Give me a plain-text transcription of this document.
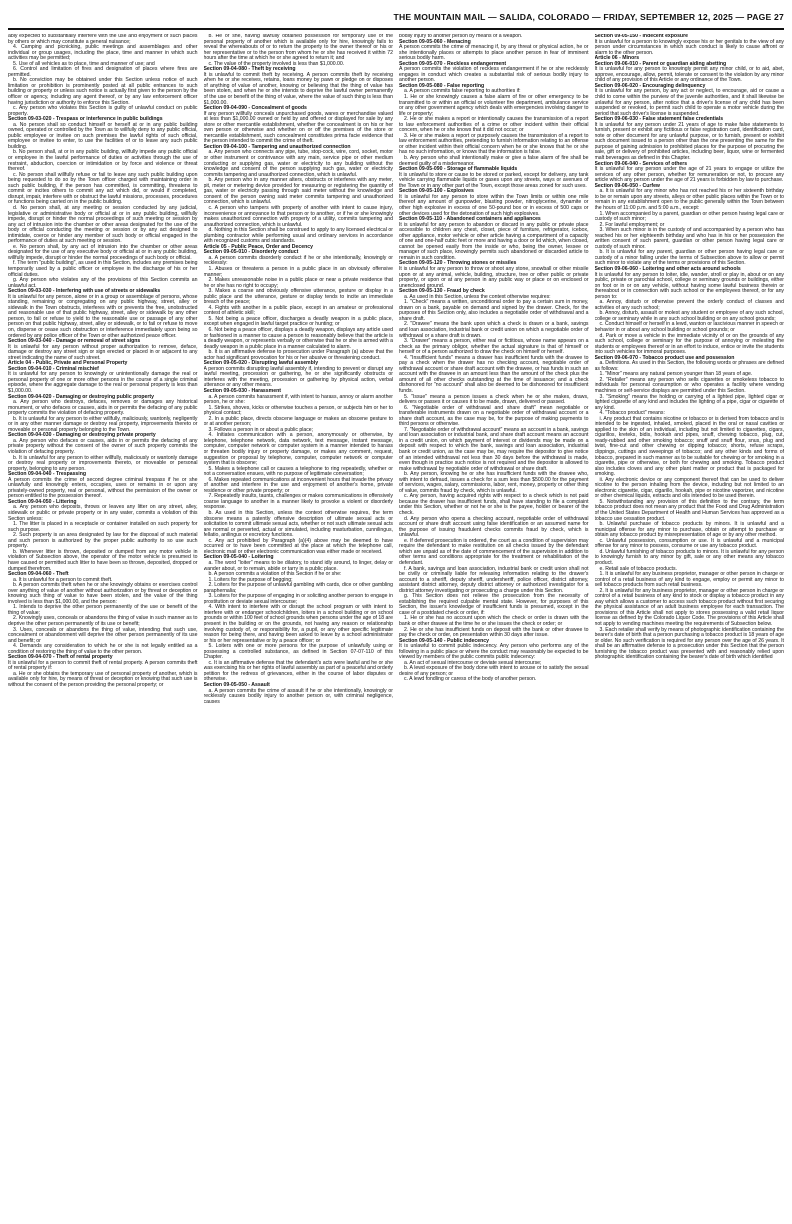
THE MOUNTAIN MAIL — SALIDA, COLORADO — FRIDAY, SEPTEMBER 12, 2025 — PAGE 27

ably expected to substantially interfere with the use and enjoyment of such places by others or which may constitute a general nuisance;

4. Camping and picnicking, public meetings and assemblages and other individual or group usages, including the place, time and manner in which such activities may be permitted;

5. Use of all vehicles as to place, time and manner of use; and

6. Control and limitation of fires and designation of places where fires are permitted.

b. No conviction may be obtained under this Section unless notice of such limitation or prohibition is prominently posted at all public entrances to such building or property or unless such notice is actually first given to the person by the officer or agency, including any agent thereof, or by any law enforcement officer having jurisdiction or authority to enforce this Section.

c. Any person who violates this Section is guilty of unlawful conduct on public property.

Section 09-03-020 - Trespass or interference in public buildings

a. No person shall so conduct himself or herself at or in any public building owned, operated or controlled by the Town as to willfully deny to any public official, public employee or invitee on such premises the lawful rights of such official, employee or invitee to enter, to use the facilities of or to leave any such public building.

b. No person shall, at or in any public building, willfully impede any public official or employee in the lawful performance of duties or activities through the use of restraint, abduction, coercion or intimidation or by force and violence or threat thereof.

c. No person shall willfully refuse or fail to leave any such public building upon being requested to do so by the Town officer charged with maintaining order in such public building, if the person has committed, is committing, threatens to commit or incites others to commit any act which did, or would if completed, disrupt, impair, interfere with or obstruct the lawful missions, processes, procedures or functions being carried on in the public building.

d. No person shall, at any meeting or session conducted by any judicial, legislative or administrative body or official at or in any public building, willfully impede, disrupt or hinder the normal proceedings of such meeting or session by any act of intrusion into the chamber or other areas designated for the use of the body or official conducting the meeting or session or by any act designed to intimidate, coerce or hinder any member of such body or official engaged in the performance of duties at such meeting or session.

e. No person shall, by any act of intrusion into the chamber or other areas designated for the use of any executive body or official at or in any public building, willfully impede, disrupt or hinder the normal proceedings of such body or official.

f. The term "public building", as used in this Section, includes any premises being temporarily used by a public officer or employee in the discharge of his or her official duties.

g. Any person who violates any of the provisions of this Section commits an unlawful act.

Section 09-03-030 - Interfering with use of streets or sidewalks

It is unlawful for any person, alone or in a group or assemblage of persons, whose standing, remaining or congregating on any public highway, street, alley or sidewalk in the Town obstructs, interferes with or prevents the free, unobstructed and reasonable use of that public highway, street, alley or sidewalk by any other person, to fail or refuse to yield to the reasonable use or passage of any other person on that public highway, street, alley or sidewalk, or to fail or refuse to move on, disperse or cease such obstruction or interference immediately upon being so ordered by any police officer of the Town or other authorized peace officer.

Section 09-03-040 - Damage or removal of street signs

It is unlawful for any person without proper authorization to remove, deface, damage or destroy any street sign or sign erected or placed in or adjacent to any street indicating the name of such street.

Article 04 - Public, Private and Personal Property

Section 09-04-010 - Criminal mischief

It is unlawful for any person to knowingly or unintentionally damage the real or personal property of one or more other persons in the course of a single criminal episode, where the aggregate damage to the real or personal property is less than $1,000.00.

Section 09-04-020 - Damaging or destroying public property

a. Any person who destroys, defaces, removes or damages any historical monument, or who defaces or causes, aids in or permits the defacing of any public property commits the violation of defacing property.

b. It is unlawful for any person to either willfully, maliciously, wantonly, negligently or in any other manner damage or destroy real property, improvements thereto or moveable or personal property belonging to the Town.

Section 09-04-030 - Damaging or destroying private property

a. Any person who defaces or causes, aids in or permits the defacing of any private property without the consent of the owner of such property commits the violation of defacing property.

b. It is unlawful for any person to either willfully, maliciously or wantonly damage or destroy real property or improvements thereto, or moveable or personal property, belonging to any person.

Section 09-04-040 - Trespassing

A person commits the crime of second degree criminal trespass if he or she unlawfully and knowingly enters, occupies, uses or remains in or upon any privately-owned property, real or personal, without the permission of the owner or person entitled to the possession thereof.

Section 09-04-050 - Littering

a. Any person who deposits, throws or leaves any litter on any street, alley, sidewalk or public or private property or in any water, commits a violation of this Section unless:

1. The litter is placed in a receptacle or container installed on such property for such purpose.

2. Such property is an area designated by law for the disposal of such material and such person is authorized by the proper public authority to so use such property.

b. Whenever litter is thrown, deposited or dumped from any motor vehicle in violation of Subsection above, the operator of the motor vehicle is presumed to have caused or permitted such litter to have been so thrown, deposited, dropped or dumped therefrom.

Section 09-04-060 - Theft

a. It is unlawful for a person to commit theft.

b. A person commits theft when he or she knowingly obtains or exercises control over anything of value of another without authorization or by threat or deception or knowing such thing of value to have been stolen, and the value of the thing involved is less than $1,000.00, and the person:

1. Intends to deprive the other person permanently of the use or benefit of the thing of value;

2. Knowingly uses, conceals or abandons the thing of value in such manner as to deprive the other person permanently of its use or benefit;

3. Uses, conceals or abandons the thing of value, intending that such use, concealment or abandonment will deprive the other person permanently of its use and benefit; or

4. Demands any consideration to which he or she is not legally entitled as a condition of restoring the thing of value to the other person.

Section 09-04-070 - Theft of rental property

It is unlawful for a person to commit theft of rental property. A person commits theft of rental property if:

a. He or she obtains the temporary use of personal property of another, which is available only for hire, by means of threat or deception or knowing that such use is without the consent of the person providing the personal property; or

b. He or she, having lawfully obtained possession for temporary use of the personal property of another which is available only for hire, knowingly fails to reveal the whereabouts of or to return the property to the owner thereof or his or her representative or to the person from whom he or she has received it within 72 hours after the time at which he or she agreed to return it; and

c. The value of the property involved is less than $1,000.00.

Section 09-04-080 - Theft by receiving

It is unlawful to commit theft by receiving. A person commits theft by receiving when he or she receives, retains, loans money by pawn or pledge on or disposes of anything of value of another, knowing or believing that the thing of value has been stolen, and when he or she intends to deprive the lawful owner permanently of the use or benefit of the thing of value, where the value of such thing is less than $1,000.00.

Section 09-04-090 - Concealment of goods

If any person willfully conceals unpurchased goods, wares or merchandise valued at less than $1,000.00 owned or held by and offered or displayed for sale by any store or other mercantile establishment, whether the concealment is on his or her own person or otherwise and whether on or off the premises of the store or mercantile establishment, such concealment constitutes prima facie evidence that the person intended to commit the crime of theft.

Section 09-04-100 - Tampering and unauthorized connection

a. Any person who connects any pipe, tube, stop-cock, wire, cord, socket, motor or other instrument or contrivance with any main, service pipe or other medium conducting or supplying gas, water or electricity to any building without the knowledge and consent of the person supplying such gas, water or electricity commits tampering and unauthorized connection, which is unlawful.

b. Any person who in any manner alters, obstructs or interferes with any meter, pit, meter or metering device provided for measuring or registering the quantity of gas, water or electricity passing through said meter without the knowledge and consent of the person owning said meter commits tampering and unauthorized connection, which is unlawful.

c. A person who tampers with property of another with intent to cause injury, inconvenience or annoyance to that person or to another, or if he or she knowingly makes unauthorized connection with property of a utility, commits tampering and unauthorized connection, which is unlawful.

d. Nothing in this Section shall be construed to apply to any licensed electrical or plumbing contractor while performing usual and ordinary services in accordance with recognized customs and standards.

Article 05 - Public Peace, Order and Decency

Section 09-05-010 - Disorderly conduct

a. A person commits disorderly conduct if he or she intentionally, knowingly or recklessly:

1. Abuses or threatens a person in a public place in an obviously offensive manner;

2. Makes unreasonable noise in a public place or near a private residence that he or she has no right to occupy;

3. Makes a coarse and obviously offensive utterance, gesture or display in a public place and the utterance, gesture or display tends to incite an immediate breach of the peace;

4. Fights with another in a public place, except in an amateur or professional contest of athletic skill;

5. Not being a peace officer, discharges a deadly weapon in a public place, except when engaged in lawful target practice or hunting; or

6. Not being a peace officer, displays a deadly weapon, displays any article used or fashioned in a manner to cause a person to reasonably believe that the article is a deadly weapon, or represents verbally or otherwise that he or she is armed with a deadly weapon in a public place in a manner calculated to alarm.

b. It is an affirmative defense to prosecution under Paragraph (a) above that the actor had significant provocation for his or her abusive or threatening conduct.

Section 09-05-020 - Disrupting lawful assembly

A person commits disrupting lawful assembly if, intending to prevent or disrupt any lawful meeting, procession or gathering, he or she significantly obstructs or interferes with the meeting, procession or gathering by physical action, verbal utterance or any other means.

Section 09-05-030 - Harassment

a. A person commits harassment if, with intent to harass, annoy or alarm another person, he or she:

1. Strikes, shoves, kicks or otherwise touches a person, or subjects him or her to physical contact;

2. In a public place, directs obscene language or makes an obscene gesture to or at another person;

3. Follows a person in or about a public place;

4. Initiates communication with a person, anonymously or otherwise, by telephone, telephone network, data network, text message, instant message, computer, computer network or computer system in a manner intended to harass or threaten bodily injury or property damage, or makes any comment, request, suggestion or proposal by telephone, computer, computer network or computer system that is obscene;

5. Makes a telephone call or causes a telephone to ring repeatedly, whether or not a conversation ensues, with no purpose of legitimate conversation;

6. Makes repeated communications at inconvenient hours that invade the privacy of another and interfere in the use and enjoyment of another's home, private residence or other private property; or

7. Repeatedly insults, taunts, challenges or makes communications in offensively coarse language to another in a manner likely to provoke a violent or disorderly response.

b. As used in this Section, unless the context otherwise requires, the term obscene means a patently offensive description of ultimate sexual acts or solicitation to commit ultimate sexual acts, whether or not such ultimate sexual acts are normal or perverted, actual or simulated, including masturbation, cunnilingus, fellatio, anilingus or excretory functions.

c. Any act prohibited by Paragraph (a)(4) above may be deemed to have occurred or to have been committed at the place at which the telephone call, electronic mail or other electronic communication was either made or received.

Section 09-05-040 - Loitering

a. The word "loiter" means to be dilatory, to stand idly around, to linger, delay or wander about, or to remain, abide or tarry in a public place.

b. A person commits a violation of this Section if he or she:

1. Loiters for the purpose of begging;

2. Loiters for the purpose of unlawful gambling with cards, dice or other gambling paraphernalia;

3. Loiters for the purpose of engaging in or soliciting another person to engage in prostitution or deviate sexual intercourse;

4. With intent to interfere with or disrupt the school program or with intent to interfere with or endanger schoolchildren, loiters in a school building or on school grounds or within 100 feet of school grounds when persons under the age of 18 are present in the building or on the grounds, not having any reason or relationship involving custody of, or responsibility for, a pupil, or any other specific legitimate reason for being there, and having been asked to leave by a school administrator or his or her representative or by a peace officer; or

5. Loiters with one or more persons for the purpose of unlawfully using or possessing a controlled substance, as defined in Section 07-07-110 of this Chapter.

c. It is an affirmative defense that the defendant's acts were lawful and he or she was exercising his or her rights of lawful assembly as part of a peaceful and orderly petition for the redress of grievances, either in the course of labor disputes or otherwise.

Section 09-05-050 - Assault

a. A person commits the crime of assault if he or she intentionally, knowingly or recklessly causes bodily injury to another person or, with criminal negligence, causes

bodily injury to another person by means of a weapon.

Section 09-05-060 - Menacing

A person commits the crime of menacing if, by any threat or physical action, he or she intentionally places or attempts to place another person in fear of imminent serious bodily harm.

Section 09-05-070 - Reckless endangerment

A person commits the violation of reckless endangerment if he or she recklessly engages in conduct which creates a substantial risk of serious bodily injury to another person.

Section 09-05-080 - False reporting

a. A person commits false reporting to authorities if:

1. He or she knowingly causes a false alarm of fire or other emergency to be transmitted to or within an official or volunteer fire department, ambulance service or any other government agency which deals with emergencies involving danger to life or property;

2. He or she makes a report or intentionally causes the transmission of a report to law enforcement authorities of a crime or other incident within their official concern, when he or she knows that it did not occur; or

3. He or she makes a report or purposely causes the transmission of a report to law enforcement authorities, pretending to furnish information relating to an offense or other incident within their official concern when he or she knows that he or she has no such information, or knows that the information is false.

b. Any person who shall intentionally make or give a false alarm of fire shall be deemed guilty of a misdemeanor.

Section 09-05-090 - Storage of flammable liquids

It is unlawful to store or cause to be stored or parked, except for delivery, any tank vehicle carrying flammable liquids or gases upon any streets, ways or avenues of the Town or in any other part of the Town, except those areas zoned for such uses.

Section 09-05-100 - Explosives

It is unlawful for any person to store within the Town limits or within one mile thereof any amount of gunpowder, blasting powder, nitroglycerine, dynamite or other high explosive in excess of one 50-pound box or in excess of 500 caps or other devices used for the detonation of such high explosives.

Section 09-05-110 - Abandoned containers and appliances

It is unlawful for any person to abandon or discard in any public or private place accessible to children any chest, closet, piece of furniture, refrigerator, icebox, other appliance, motor vehicle or other article having a compartment of a capacity of one and one-half cubic feet or more and having a door or lid which, when closed, cannot be opened easily from the inside or who, being the owner, lessee or manager of such place, knowingly permits such abandoned or discarded article to remain in such condition.

Section 09-05-120 - Throwing stones or missiles

It is unlawful for any person to throw or shoot any stone, snowball or other missile upon or at any animal, vehicle, building, structure, tree or other public or private property, or upon or at any person in any public way or place or on enclosed or unenclosed ground.

Section 09-05-130 - Fraud by check

a. As used in this Section, unless the context otherwise requires:

1. "Check" means a written, unconditional order to pay a certain sum in money, drawn on a bank, payable on demand and signed by the drawer. Check, for the purposes of this Section only, also includes a negotiable order of withdrawal and a share draft.

2. "Drawee" means the bank upon which a check is drawn or a bank, savings and loan association, industrial bank or credit union on which a negotiable order of withdrawal or a share draft is drawn.

3. "Drawer" means a person, either real or fictitious, whose name appears on a check as the primary obligor, whether the actual signature is that of himself or herself or of a person authorized to draw the check on himself or herself.

4. "Insufficient funds" means a drawer has insufficient funds with the drawee to pay a check when the drawer has no checking account, negotiable order of withdrawal account or share draft account with the drawee, or has funds in such an account with the drawee in an amount less than the amount of the check plus the amount of all other checks outstanding at the time of issuance; and a check dishonored for "no account" shall also be deemed to be dishonored for insufficient funds.

5. "Issue" means a person issues a check when he or she makes, draws, delivers or passes it or causes it to be made, drawn, delivered or passed.

6. "Negotiable order of withdrawal and share draft" mean negotiable or transferable instruments drawn on a negotiable order of withdrawal account or a share draft account, as the case may be, for the purpose of making payments to third persons or otherwise.

7. "Negotiable order of withdrawal account" means an account in a bank, savings and loan association or industrial bank, and share draft account means an account in a credit union, on which payment of interest or dividends may be made on a deposit with respect to which the bank, savings and loan association, industrial bank or credit union, as the case may be, may require the depositor to give notice of an intended withdrawal not less than 30 days before the withdrawal is made, even though in practice such notice is not required and the depositor is allowed to make withdrawal by negotiable order of withdrawal or share draft.

b. Any person, knowing he or she has insufficient funds with the drawee who, with intent to defraud, issues a check for a sum less than $500.00 for the payment of services, wages, salary, commissions, labor, rent, money, property or other thing of value, commits fraud by check, which is unlawful.

c. Any person, having acquired rights with respect to a check which is not paid because the drawer has insufficient funds, shall have standing to file a complaint under this Section, whether or not he or she is the payee, holder or bearer of the check.

d. Any person who opens a checking account, negotiable order of withdrawal account or share draft account using false identification or an assumed name for the purpose of issuing fraudulent checks commits fraud by check, which is unlawful.

e. If deferred prosecution is ordered, the court as a condition of supervision may require the defendant to make restitution on all checks issued by the defendant which are unpaid as of the date of commencement of the supervision in addition to other terms and conditions appropriate for the treatment or rehabilitation of the defendant.

f. A bank, savings and loan association, industrial bank or credit union shall not be civilly or criminally liable for releasing information relating to the drawer's account to a sheriff, deputy sheriff, undersheriff, police officer, district attorney, assistant district attorney, deputy district attorney or authorized investigator for a district attorney investigating or prosecuting a charge under this Section.

g. This Section does not relieve the prosecution from the necessity of establishing the required culpable mental state. However, for purposes of this Section, the issuer's knowledge of insufficient funds is presumed, except in the case of a postdated check or order, if:

1. He or she has no account upon which the check or order is drawn with the bank or other drawee at the time he or she issues the check or order; or

2. He or she has insufficient funds on deposit with the bank or other drawee to pay the check or order, on presentation within 30 days after issue.

Section 09-05-140 - Public indecency

It is unlawful to commit public indecency. Any person who performs any of the following in a public place or where the conduct may reasonably be expected to be viewed by members of the public commits public indecency:

a. An act of sexual intercourse or deviate sexual intercourse;

b. A lewd exposure of the body done with intent to arouse or to satisfy the sexual desire of any person; or

c. A lewd fondling or caress of the body of another person.

Section 09-05-150 - Indecent exposure

It is unlawful for a person to knowingly expose his or her genitals to the view of any person under circumstances in which such conduct is likely to cause affront or alarm to the other person.

Article 06 - Minors

Section 09-06-010 - Parent or guardian aiding abetting

It is unlawful for any person to knowingly permit any minor child, or to aid, abet, approve, encourage, allow, permit, tolerate or consent to the violation by any minor child of any provision of this Article or any ordinance of the Town.

Section 09-06-020 - Encouraging delinquency

It is unlawful for any person, by any act or neglect, to encourage, aid or cause a child to come within the purview of the juvenile authorities, and it shall likewise be unlawful for any person, after notice that a driver's license of any child has been suspended or revoked, to permit such child to operate a motor vehicle during the period that such driver's license is suspended.

Section 09-06-030 - False statement false credentials

It is unlawful for any person under 21 years of age to make false statements to furnish, present or exhibit any fictitious or false registration card, identification card, note or other document for any unlawful purpose, or to furnish, present or exhibit such document issued to a person other than the one presenting the same for the purpose of gaining admission to prohibited places for the purpose of procuring the sale, gift or delivery of prohibited articles, including beer, liquor, wine or fermented malt beverages as defined in this Chapter.

Section 09-06-040 - Services of others

It is unlawful for any person under the age of 21 years to engage or utilize the services of any other person, whether for remuneration or not, to procure any article which any person under the age of 21 years is forbidden by law to purchase.

Section 09-06-050 - Curfew

a. It is unlawful for any minor who has not reached his or her sixteenth birthday to be or remain upon any streets, alleys or other public places within the Town or to remain in any establishment open to the public generally within the Town between the hours of 11:00 p.m. and 5:00 a.m., except:

1. When accompanied by a parent, guardian or other person having legal care or custody of such minor;

2. For lawful employment; or

3. When such minor is in the custody of and accompanied by a person who has reached his or her eighteenth birthday and who has in his or her possession the written consent of such parent, guardian or other person having legal care or custody of such minor.

b. It is unlawful for any parent, guardian or other person having legal care or custody of a minor falling under the terms of Subsection above to allow or permit such minor to violate any of the terms or provisions of this Section.

Section 09-06-060 - Loitering and other acts around schools

It is unlawful for any person to loiter, idle, wander, stroll or play in, about or on any public, private or parochial school, college or seminary grounds or buildings, either on foot or in or on any vehicle, without having some lawful business therein or thereabout or in connection with such school or the employees thereof, or for any person to:

a. Annoy, disturb or otherwise prevent the orderly conduct of classes and activities of any such school;

b. Annoy, disturb, assault or molest any student or employee of any such school, college or seminary while in any such school building or on any school grounds;

c. Conduct himself or herself in a lewd, wanton or lascivious manner in speech or behavior in or about any school building or school grounds; or

d. Park or move a vehicle in the immediate vicinity of or on the grounds of any such school, college or seminary for the purpose of annoying or molesting the students or employees thereof or in an effort to induce, entice or invite the students into such vehicles for immoral purposes.

Section 09-06-070 - Tobacco product use and possession

a. Definitions. As used in this Section, the following words or phrases are defined as follows:

1. "Minor" means any natural person younger than 18 years of age.

2. "Retailer" means any person who sells cigarettes or smokeless tobacco to individuals for personal consumption or who operates a facility where vending machines or self-service displays are permitted under this Section.

3. "Smoking" means the holding or carrying of a lighted pipe, lighted cigar or lighted cigarette of any kind and includes the lighting of a pipe, cigar or cigarette of any kind.

4. "Tobacco product" means:

i. Any product that contains nicotine or tobacco or is derived from tobacco and is intended to be ingested, inhaled, smoked, placed in the oral or nasal cavities or applied to the skin of an individual, including but not limited to cigarettes, cigars, cigarillos, kreteks, bidis, hookah and pipes, snuff, chewing tobacco, plug, cut, ready-rubbed and other smoking tobacco; snuff and snuff flour, snus, plug and twist, fine-cut and other chewing or dipping tobacco; shorts, refuse scraps, clippings, cuttings and sweepings of tobacco; and any other kinds and forms of tobacco, prepared in such manner as to be suitable for chewing or for smoking in a cigarette, pipe or otherwise, or both for chewing and smoking. Tobacco product also includes cloves and any other plant matter or product that is packaged for smoking.

ii. Any electronic device or any component thereof that can be used to deliver nicotine to the person inhaling from the device, including but not limited to an electronic cigarette, cigar, cigarillo, hookah, pipe or nicotine vaporizer, and nicotine or other chemical liquids, extracts and oils intended to be used therein.

5. Notwithstanding any provision of this definition to the contrary, the term tobacco product does not mean any product that the Food and Drug Administration of the United States Department of Health and Human Services has approved as a tobacco use cessation product.

b. Unlawful purchase of tobacco products by minors. It is unlawful and a municipal offense for any minor to purchase, obtain or attempt to purchase or obtain any tobacco product by misrepresentation of age or by any other method.

c. Unlawful possession, consumption or use. It is unlawful and a municipal offense for any minor to possess, consume or use any tobacco product.

d. Unlawful furnishing of tobacco products to minors. It is unlawful for any person to knowingly furnish to any minor by gift, sale or any other means any tobacco product.

e. Retail sale of tobacco products.

1. It is unlawful for any business proprietor, manager or other person in charge or control of a retail business of any kind to engage, employ or permit any minor to sell tobacco products from such retail business.

2. It is unlawful for any business proprietor, manager or other person in charge or control of a retail business of any kind to stock or display a tobacco product in any way which allows a customer to access such tobacco product without first securing the physical assistance of an adult business employee for each transaction. The provisions of this Article shall not apply to stores possessing a valid retail liquor license as defined by the Colorado Liquor Code. The provisions of this Article shall not apply to vending machines meeting the requirements of Subsection below.

3. Each retailer shall verify by means of photographic identification containing the bearer's date of birth that a person purchasing a tobacco product is 18 years of age or older. No such verification is required for any person over the age of 26 years. It shall be an affirmative defense to a prosecution under this Section that the person furnishing the tobacco product was presented with and reasonably relied upon photographic identification containing the bearer's date of birth which identified
